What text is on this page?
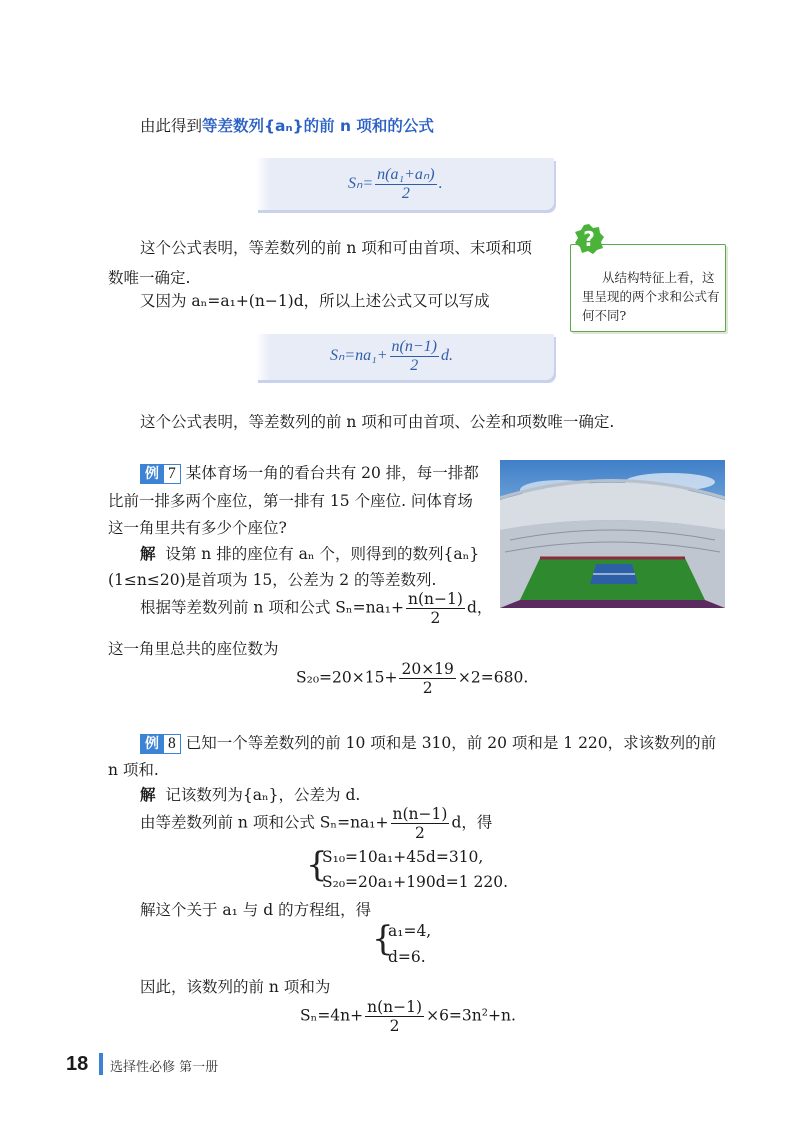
由此得到等差数列{aₙ}的前 n 项和的公式
$S_n= \frac{\text{n(a₁+aₙ)}}{2}$ .
这个公式表明，等差数列的前 n 项和可由首项、末项和项
数唯一确定.
又因为 aₙ=a₁+(n−1)d，所以上述公式又可以写成
?
从结构特征上看，这
里呈现的两个求和公式有
何不同?
$S_n=na_1+ \frac{n(n-1)}{2} d$.
这个公式表明，等差数列的前 n 项和可由首项、公差和项数唯一确定.
例 7 某体育场一角的看台共有 20 排，每一排都
比前一排多两个座位，第一排有 15 个座位. 问体育场
这一角里共有多少个座位?
解 设第 n 排的座位有 aₙ 个，则得到的数列{aₙ}
(1≤n≤20)是首项为 15，公差为 2 的等差数列.
根据等差数列前 n 项和公式 $S_n=na_1+ \frac{n(n-1)}{2}$ d，
这一角里总共的座位数为
$S_{20}=20\times 15+ \frac{20\times 19}{2} \times 2=680$.
例 8 已知一个等差数列的前 10 项和是 310，前 20 项和是 1 220，求该数列的前
n 项和.
解 记该数列为{aₙ}，公差为 d.
由等差数列前 n 项和公式 $S_n=na_1+ \frac{n(n-1)}{2}$ d，得
{
S₁₀=10a₁+45d=310,
S₂₀=20a₁+190d=1 220.
解这个关于 a₁ 与 d 的方程组，得
{
a₁=4,
d=6.
因此，该数列的前 n 项和为
$S_n=4n+ \frac{n(n-1)}{2} \times 6=3n^2+n$.
18 选择性必修 第一册
